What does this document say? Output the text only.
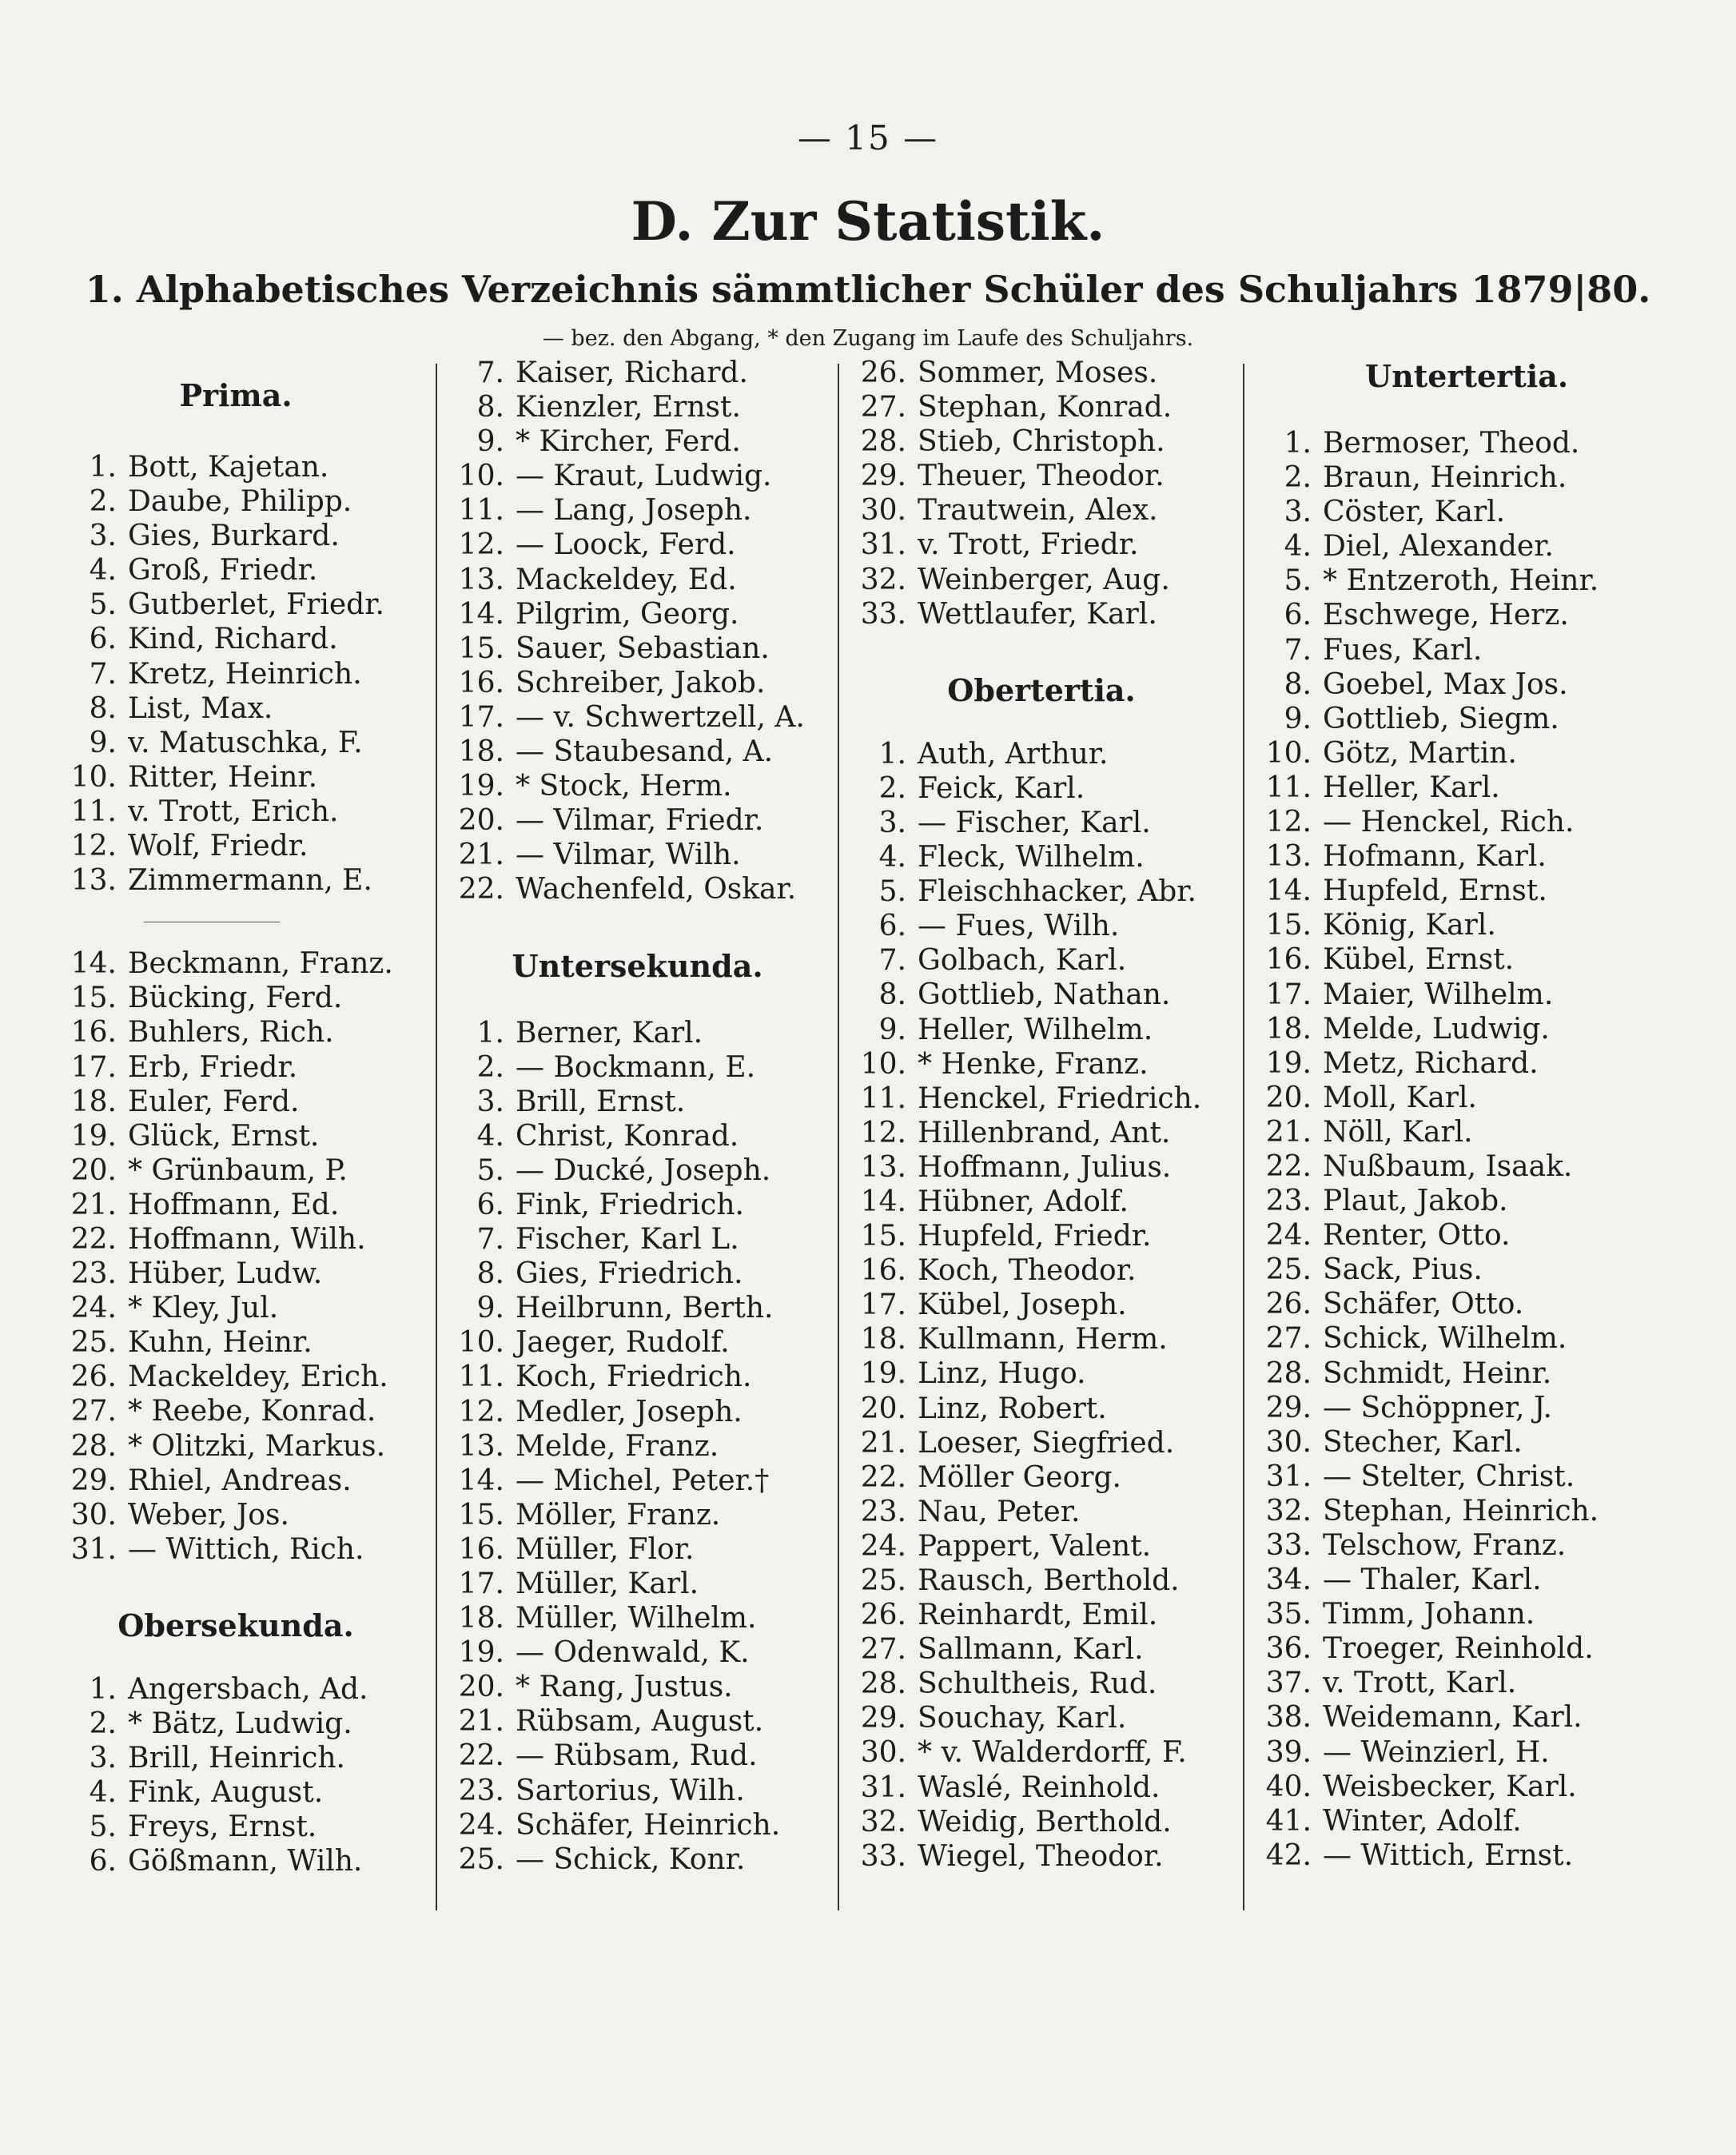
— 15 —
D. Zur Statistik.
1. Alphabetisches Verzeichnis sämmtlicher Schüler des Schuljahrs 1879|80.
— bez. den Abgang, * den Zugang im Laufe des Schuljahrs.
Prima.
1. Bott, Kajetan.
2. Daube, Philipp.
3. Gies, Burkard.
4. Groß, Friedr.
5. Gutberlet, Friedr.
6. Kind, Richard.
7. Kretz, Heinrich.
8. List, Max.
9. v. Matuschka, F.
10. Ritter, Heinr.
11. v. Trott, Erich.
12. Wolf, Friedr.
13. Zimmermann, E.
14. Beckmann, Franz.
15. Bücking, Ferd.
16. Buhlers, Rich.
17. Erb, Friedr.
18. Euler, Ferd.
19. Glück, Ernst.
20. * Grünbaum, P.
21. Hoffmann, Ed.
22. Hoffmann, Wilh.
23. Hüber, Ludw.
24. * Kley, Jul.
25. Kuhn, Heinr.
26. Mackeldey, Erich.
27. * Reebe, Konrad.
28. * Olitzki, Markus.
29. Rhiel, Andreas.
30. Weber, Jos.
31. — Wittich, Rich.
Obersekunda.
1. Angersbach, Ad.
2. * Bätz, Ludwig.
3. Brill, Heinrich.
4. Fink, August.
5. Freys, Ernst.
6. Gößmann, Wilh.
7. Kaiser, Richard.
8. Kienzler, Ernst.
9. * Kircher, Ferd.
10. — Kraut, Ludwig.
11. — Lang, Joseph.
12. — Loock, Ferd.
13. Mackeldey, Ed.
14. Pilgrim, Georg.
15. Sauer, Sebastian.
16. Schreiber, Jakob.
17. — v. Schwertzell, A.
18. — Staubesand, A.
19. * Stock, Herm.
20. — Vilmar, Friedr.
21. — Vilmar, Wilh.
22. Wachenfeld, Oskar.
Untersekunda.
1. Berner, Karl.
2. — Bockmann, E.
3. Brill, Ernst.
4. Christ, Konrad.
5. — Ducké, Joseph.
6. Fink, Friedrich.
7. Fischer, Karl L.
8. Gies, Friedrich.
9. Heilbrunn, Berth.
10. Jaeger, Rudolf.
11. Koch, Friedrich.
12. Medler, Joseph.
13. Melde, Franz.
14. — Michel, Peter.†
15. Möller, Franz.
16. Müller, Flor.
17. Müller, Karl.
18. Müller, Wilhelm.
19. — Odenwald, K.
20. * Rang, Justus.
21. Rübsam, August.
22. — Rübsam, Rud.
23. Sartorius, Wilh.
24. Schäfer, Heinrich.
25. — Schick, Konr.
26. Sommer, Moses.
27. Stephan, Konrad.
28. Stieb, Christoph.
29. Theuer, Theodor.
30. Trautwein, Alex.
31. v. Trott, Friedr.
32. Weinberger, Aug.
33. Wettlaufer, Karl.
Obertertia.
1. Auth, Arthur.
2. Feick, Karl.
3. — Fischer, Karl.
4. Fleck, Wilhelm.
5. Fleischhacker, Abr.
6. — Fues, Wilh.
7. Golbach, Karl.
8. Gottlieb, Nathan.
9. Heller, Wilhelm.
10. * Henke, Franz.
11. Henckel, Friedrich.
12. Hillenbrand, Ant.
13. Hoffmann, Julius.
14. Hübner, Adolf.
15. Hupfeld, Friedr.
16. Koch, Theodor.
17. Kübel, Joseph.
18. Kullmann, Herm.
19. Linz, Hugo.
20. Linz, Robert.
21. Loeser, Siegfried.
22. Möller Georg.
23. Nau, Peter.
24. Pappert, Valent.
25. Rausch, Berthold.
26. Reinhardt, Emil.
27. Sallmann, Karl.
28. Schultheis, Rud.
29. Souchay, Karl.
30. * v. Walderdorff, F.
31. Waslé, Reinhold.
32. Weidig, Berthold.
33. Wiegel, Theodor.
Untertertia.
1. Bermoser, Theod.
2. Braun, Heinrich.
3. Cöster, Karl.
4. Diel, Alexander.
5. * Entzeroth, Heinr.
6. Eschwege, Herz.
7. Fues, Karl.
8. Goebel, Max Jos.
9. Gottlieb, Siegm.
10. Götz, Martin.
11. Heller, Karl.
12. — Henckel, Rich.
13. Hofmann, Karl.
14. Hupfeld, Ernst.
15. König, Karl.
16. Kübel, Ernst.
17. Maier, Wilhelm.
18. Melde, Ludwig.
19. Metz, Richard.
20. Moll, Karl.
21. Nöll, Karl.
22. Nußbaum, Isaak.
23. Plaut, Jakob.
24. Renter, Otto.
25. Sack, Pius.
26. Schäfer, Otto.
27. Schick, Wilhelm.
28. Schmidt, Heinr.
29. — Schöppner, J.
30. Stecher, Karl.
31. — Stelter, Christ.
32. Stephan, Heinrich.
33. Telschow, Franz.
34. — Thaler, Karl.
35. Timm, Johann.
36. Troeger, Reinhold.
37. v. Trott, Karl.
38. Weidemann, Karl.
39. — Weinzierl, H.
40. Weisbecker, Karl.
41. Winter, Adolf.
42. — Wittich, Ernst.
